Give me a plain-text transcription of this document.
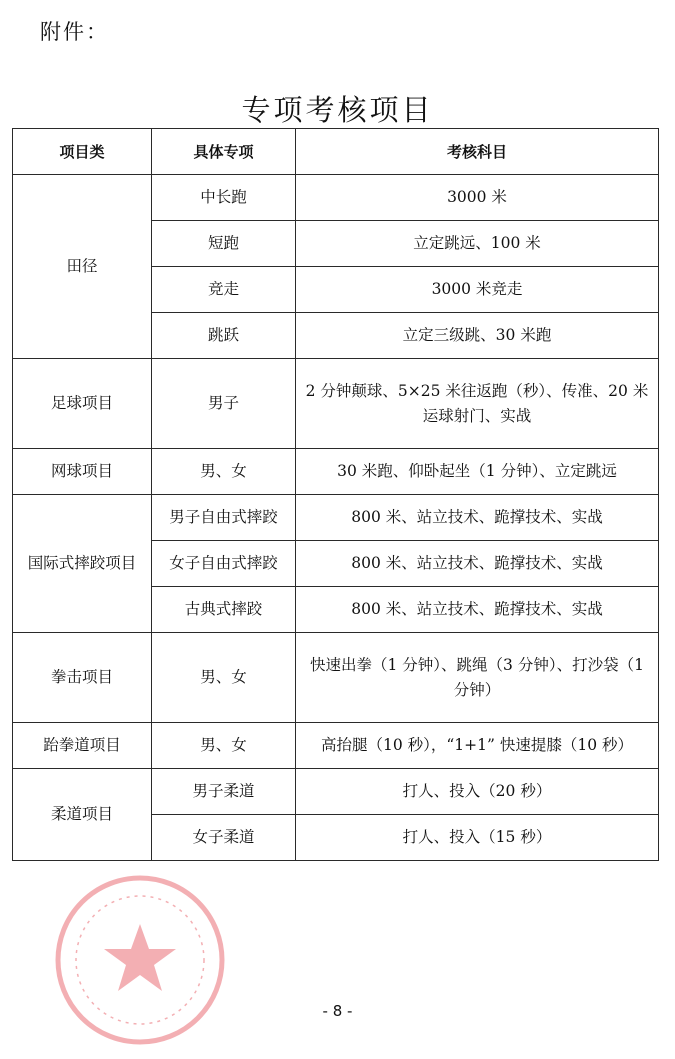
附件：
专项考核项目
项目类	具体专项	考核科目
田径	中长跑	3000 米
	短跑	立定跳远、100 米
	竞走	3000 米竞走
	跳跃	立定三级跳、30 米跑
足球项目	男子	2 分钟颠球、5×25 米往返跑（秒）、传准、20 米运球射门、实战
网球项目	男、女	30 米跑、仰卧起坐（1 分钟）、立定跳远
国际式摔跤项目	男子自由式摔跤	800 米、站立技术、跪撑技术、实战
	女子自由式摔跤	800 米、站立技术、跪撑技术、实战
	古典式摔跤	800 米、站立技术、跪撑技术、实战
拳击项目	男、女	快速出拳（1 分钟）、跳绳（3 分钟）、打沙袋（1 分钟）
跆拳道项目	男、女	高抬腿（10 秒），“1+1” 快速提膝（10 秒）
柔道项目	男子柔道	打人、投入（20 秒）
	女子柔道	打人、投入（15 秒）
- 8 -
